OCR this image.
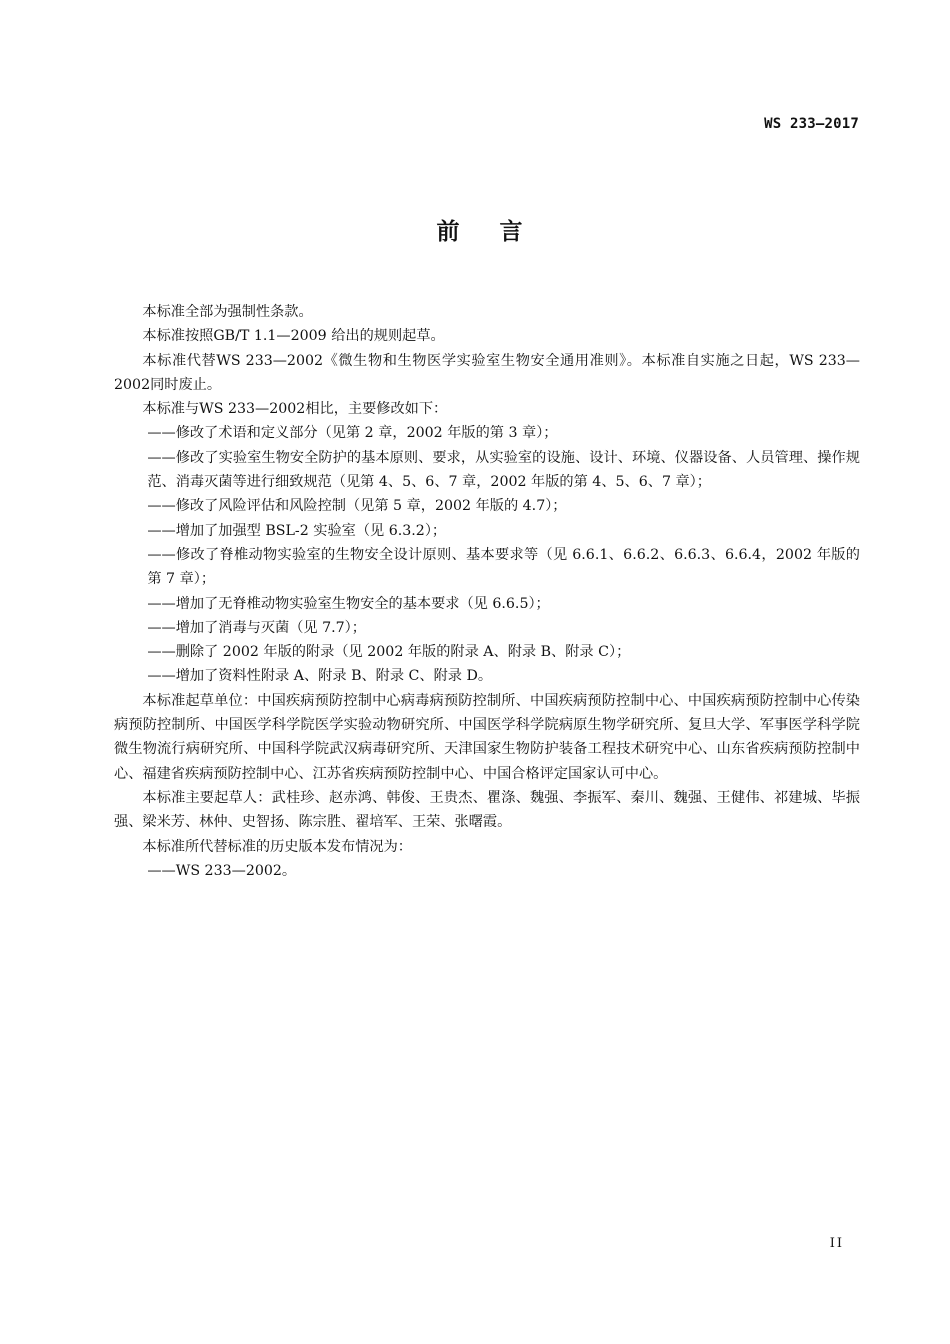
WS 233—2017
前 言

本标准全部为强制性条款。

本标准按照GB/T 1.1—2009 给出的规则起草。

本标准代替WS 233—2002《微生物和生物医学实验室生物安全通用准则》。本标准自实施之日起，WS 233—2002同时废止。

本标准与WS 233—2002相比，主要修改如下：

——修改了术语和定义部分（见第 2 章，2002 年版的第 3 章）；

——修改了实验室生物安全防护的基本原则、要求，从实验室的设施、设计、环境、仪器设备、人员管理、操作规范、消毒灭菌等进行细致规范（见第 4、5、6、7 章，2002 年版的第 4、5、6、7 章）；

——修改了风险评估和风险控制（见第 5 章，2002 年版的 4.7）；

——增加了加强型 BSL-2 实验室（见 6.3.2）；

——修改了脊椎动物实验室的生物安全设计原则、基本要求等（见 6.6.1、6.6.2、6.6.3、6.6.4，2002 年版的第 7 章）；

——增加了无脊椎动物实验室生物安全的基本要求（见 6.6.5）；

——增加了消毒与灭菌（见 7.7）；

——删除了 2002 年版的附录（见 2002 年版的附录 A、附录 B、附录 C）；

——增加了资料性附录 A、附录 B、附录 C、附录 D。

本标准起草单位：中国疾病预防控制中心病毒病预防控制所、中国疾病预防控制中心、中国疾病预防控制中心传染病预防控制所、中国医学科学院医学实验动物研究所、中国医学科学院病原生物学研究所、复旦大学、军事医学科学院微生物流行病研究所、中国科学院武汉病毒研究所、天津国家生物防护装备工程技术研究中心、山东省疾病预防控制中心、福建省疾病预防控制中心、江苏省疾病预防控制中心、中国合格评定国家认可中心。

本标准主要起草人：武桂珍、赵赤鸿、韩俊、王贵杰、瞿涤、魏强、李振军、秦川、魏强、王健伟、祁建城、毕振强、梁米芳、林仲、史智扬、陈宗胜、翟培军、王荣、张曙霞。

本标准所代替标准的历史版本发布情况为：

——WS 233—2002。

II
